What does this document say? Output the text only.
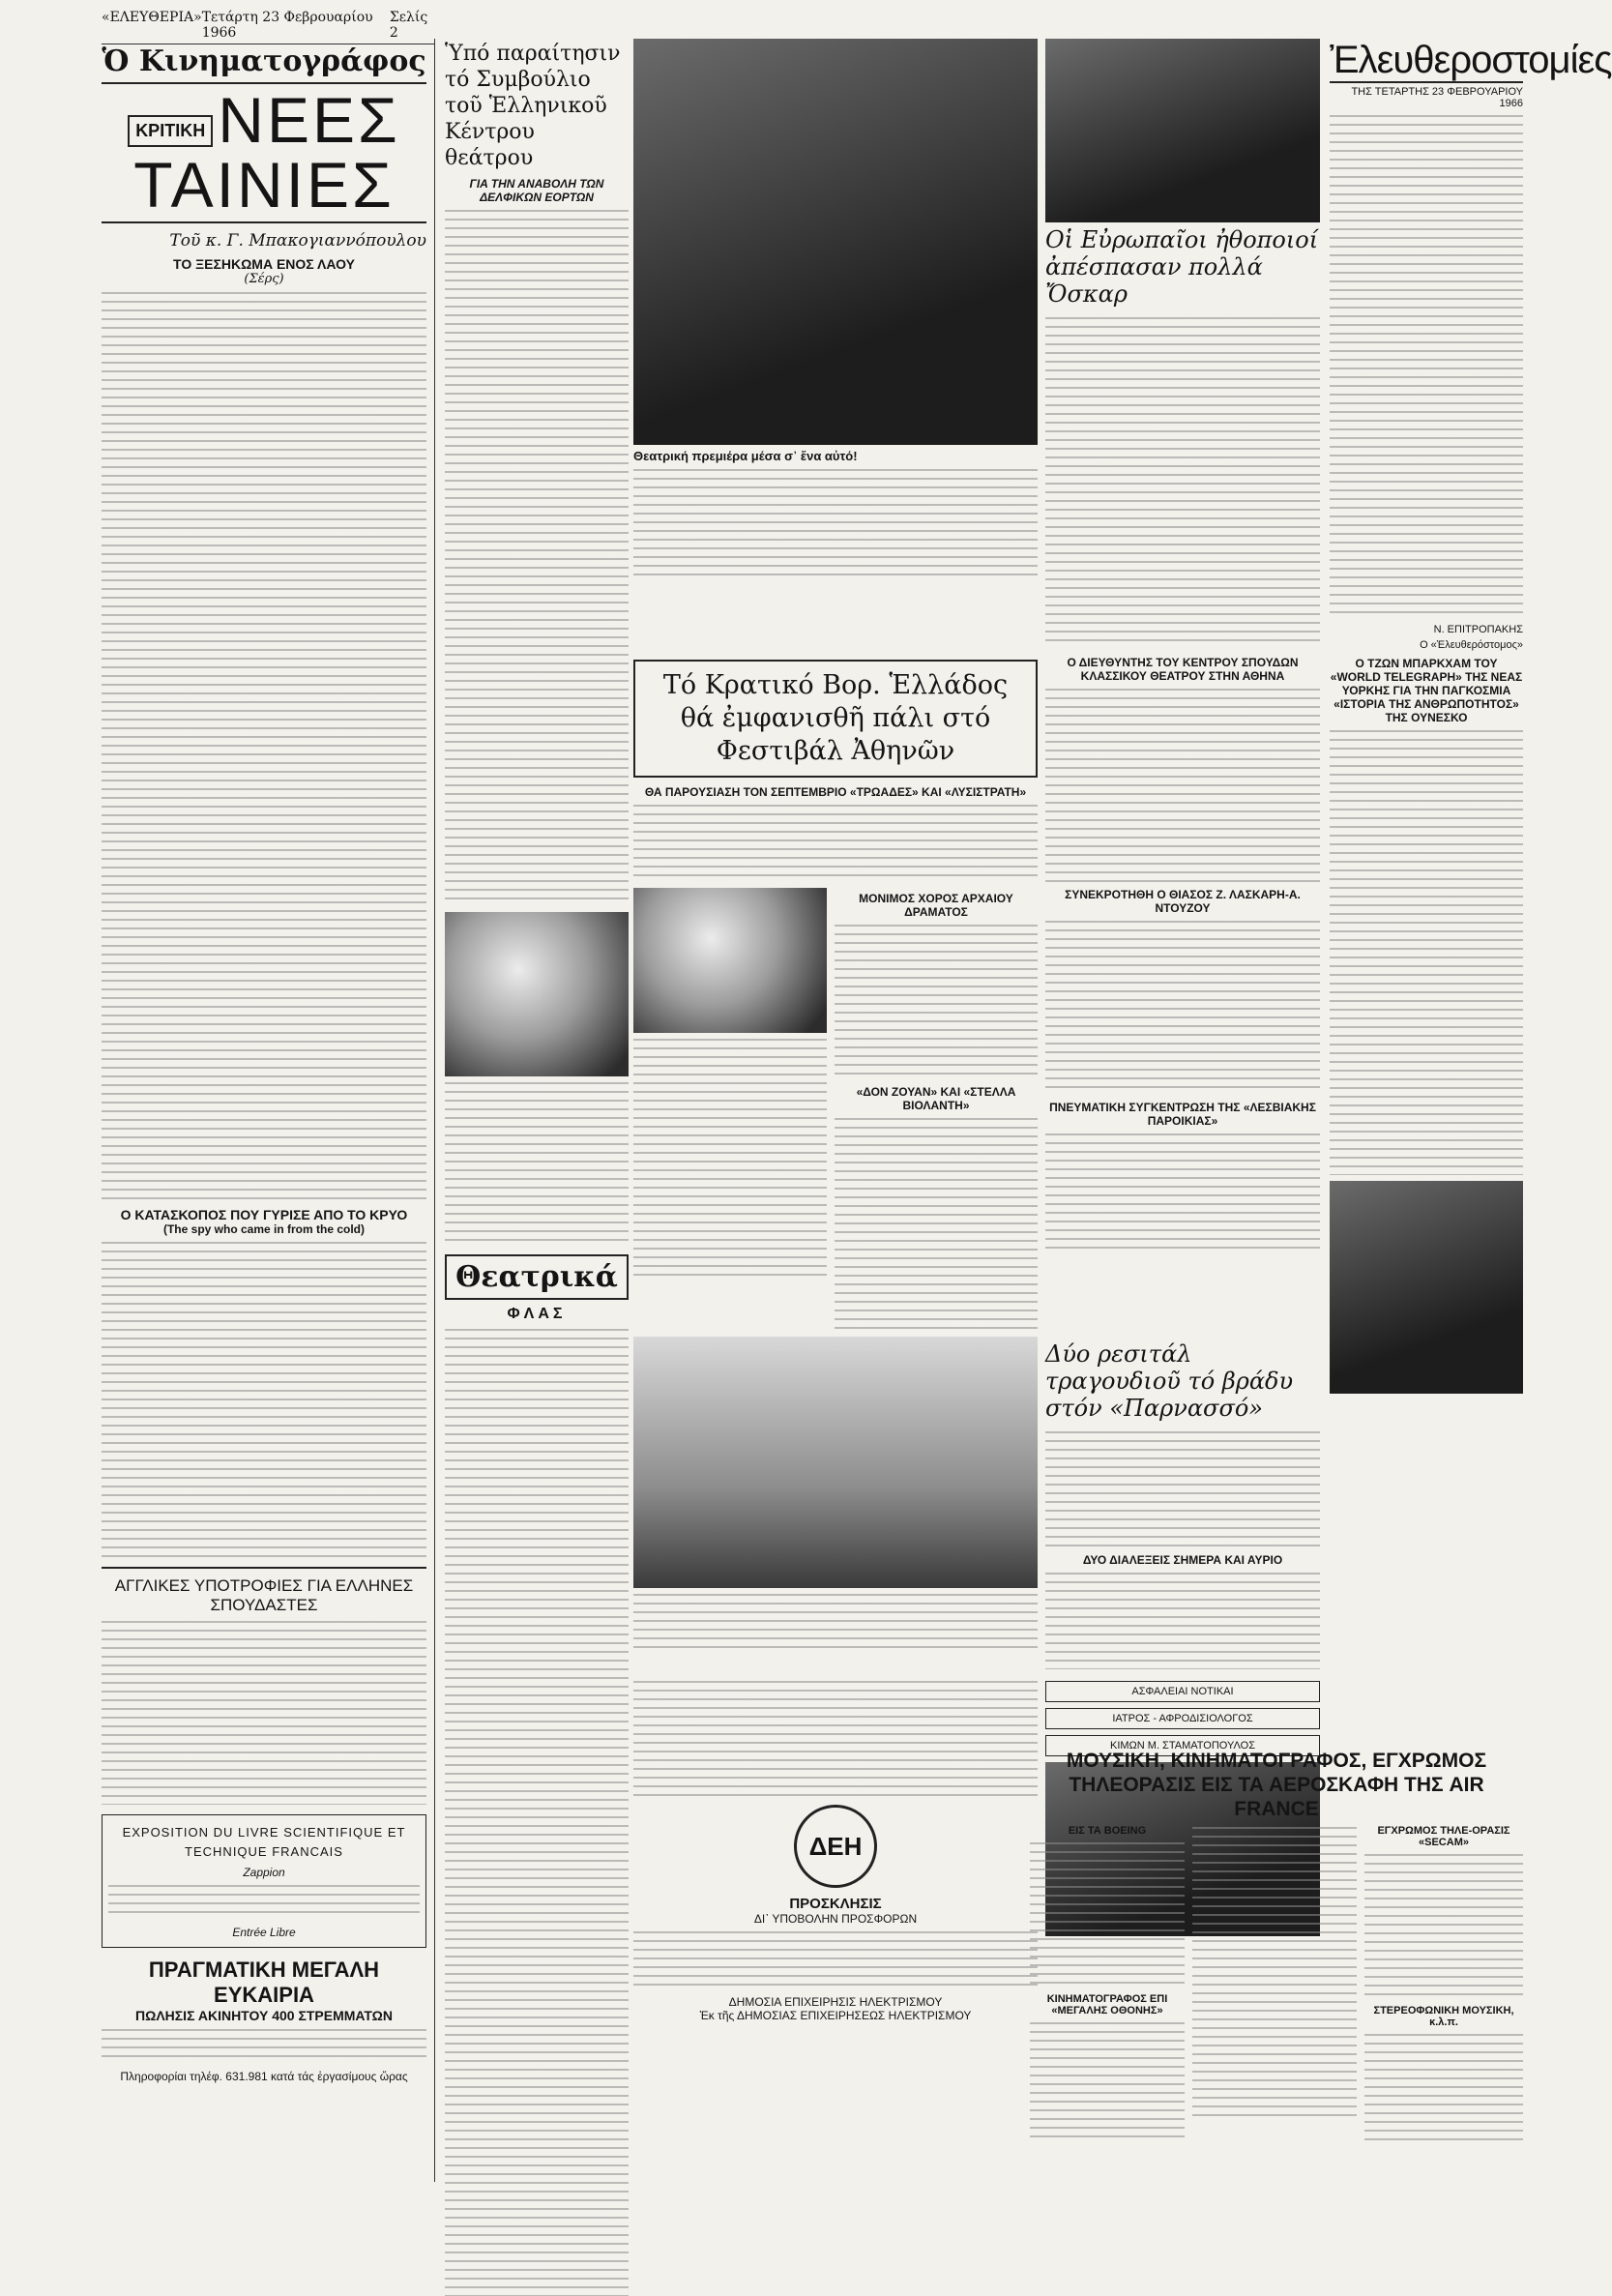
«ΕΛΕΥΘΕΡΙΑ» Τετάρτη 23 Φεβρουαρίου 1966
Σελίς 2
Ὁ Κινηματογράφος
ΚΡΙΤΙΚΗ ΝΕΕΣ
ΤΑΙΝΙΕΣ
Τοῦ κ. Γ. Μπακογιαννόπουλου
ΤΟ ΞΕΣΗΚΩΜΑ ΕΝΟΣ ΛΑΟΥ
(Σέρς)
Ο ΚΑΤΑΣΚΟΠΟΣ ΠΟΥ ΓΥΡΙΣΕ ΑΠΟ ΤΟ ΚΡΥΟ
(The spy who came in from the cold)
ΑΓΓΛΙΚΕΣ ΥΠΟΤΡΟΦΙΕΣ ΓΙΑ ΕΛΛΗΝΕΣ ΣΠΟΥΔΑΣΤΕΣ
EXPOSITION DU LIVRE SCIENTIFIQUE ET TECHNIQUE FRANCAIS
Zappion
Entrée Libre
ΠΡΑΓΜΑΤΙΚΗ ΜΕΓΑΛΗ ΕΥΚΑΙΡΙΑ
ΠΩΛΗΣΙΣ ΑΚΙΝΗΤΟΥ 400 ΣΤΡΕΜΜΑΤΩΝ
Πληροφορίαι τηλέφ. 631.981 κατά τάς ἐργασίμους ὥρας
Ὑπό παραίτησιν τό Συμβούλιο τοῦ Ἑλληνικοῦ Κέντρου θεάτρου
ΓΙΑ ΤΗΝ ΑΝΑΒΟΛΗ ΤΩΝ ΔΕΛΦΙΚΩΝ ΕΟΡΤΩΝ
Θεατρικά
ΦΛΑΣ
Θεατρική πρεμιέρα μέσα σ᾽ ἕνα αὐτό!
Οἱ Εὐρωπαῖοι ἠθοποιοί ἀπέσπασαν πολλά Ὄσκαρ
Τό Κρατικό Βορ. Ἑλλάδος θά ἐμφανισθῆ πάλι στό Φεστιβάλ Ἀθηνῶν
ΘΑ ΠΑΡΟΥΣΙΑΣΗ ΤΟΝ ΣΕΠΤΕΜΒΡΙΟ «ΤΡΩΑΔΕΣ» ΚΑΙ «ΛΥΣΙΣΤΡΑΤΗ»
ΜΟΝΙΜΟΣ ΧΟΡΟΣ ΑΡΧΑΙΟΥ ΔΡΑΜΑΤΟΣ
«ΔΟΝ ΖΟΥΑΝ» ΚΑΙ «ΣΤΕΛΛΑ ΒΙΟΛΑΝΤΗ»
Ο ΔΙΕΥΘΥΝΤΗΣ ΤΟΥ ΚΕΝΤΡΟΥ ΣΠΟΥΔΩΝ ΚΛΑΣΣΙΚΟΥ ΘΕΑΤΡΟΥ ΣΤΗΝ ΑΘΗΝΑ
ΣΥΝΕΚΡΟΤΗΘΗ Ο ΘΙΑΣΟΣ Ζ. ΛΑΣΚΑΡΗ-Α. ΝΤΟΥΖΟΥ
ΠΝΕΥΜΑΤΙΚΗ ΣΥΓΚΕΝΤΡΩΣΗ ΤΗΣ «ΛΕΣΒΙΑΚΗΣ ΠΑΡΟΙΚΙΑΣ»
Δύο ρεσιτάλ τραγουδιοῦ τό βράδυ στόν «Παρνασσό»
ΔΥΟ ΔΙΑΛΕΞΕΙΣ ΣΗΜΕΡΑ ΚΑΙ ΑΥΡΙΟ
ΔΕΗ
ΠΡΟΣΚΛΗΣΙΣ
ΔΙ᾽ ΥΠΟΒΟΛΗΝ ΠΡΟΣΦΟΡΩΝ
ΔΗΜΟΣΙΑ ΕΠΙΧΕΙΡΗΣΙΣ ΗΛΕΚΤΡΙΣΜΟΥ
Ἐκ τῆς ΔΗΜΟΣΙΑΣ ΕΠΙΧΕΙΡΗΣΕΩΣ ΗΛΕΚΤΡΙΣΜΟΥ
ΑΣΦΑΛΕΙΑΙ ΝΟΤΙΚΑΙ
ΙΑΤΡΟΣ - ΑΦΡΟΔΙΣΙΟΛΟΓΟΣ
ΚΙΜΩΝ Μ. ΣΤΑΜΑΤΟΠΟΥΛΟΣ
Ἐλευθεροστομίες
ΤΗΣ ΤΕΤΑΡΤΗΣ 23 ΦΕΒΡΟΥΑΡΙΟΥ 1966
Ν. ΕΠΙΤΡΟΠΑΚΗΣ
Ο «Ἐλευθερόστομος»
Ο ΤΖΩΝ ΜΠΑΡΚΧΑΜ ΤΟΥ «WORLD TELEGRAPH» ΤΗΣ ΝΕΑΣ ΥΟΡΚΗΣ ΓΙΑ ΤΗΝ ΠΑΓΚΟΣΜΙΑ «ΙΣΤΟΡΙΑ ΤΗΣ ΑΝΘΡΩΠΟΤΗΤΟΣ» ΤΗΣ ΟΥΝΕΣΚΟ
ΜΟΥΣΙΚΗ, ΚΙΝΗΜΑΤΟΓΡΑΦΟΣ, ΕΓΧΡΩΜΟΣ ΤΗΛΕΟΡΑΣΙΣ ΕΙΣ ΤΑ ΑΕΡΟΣΚΑΦΗ ΤΗΣ AIR FRANCE
ΕΙΣ ΤΑ BOEING
ΚΙΝΗΜΑΤΟΓΡΑΦΟΣ ΕΠΙ «ΜΕΓΑΛΗΣ ΟΘΟΝΗΣ»
ΕΓΧΡΩΜΟΣ ΤΗΛΕ-ΟΡΑΣΙΣ «SECAM»
ΣΤΕΡΕΟΦΩΝΙΚΗ ΜΟΥΣΙΚΗ, κ.λ.π.
